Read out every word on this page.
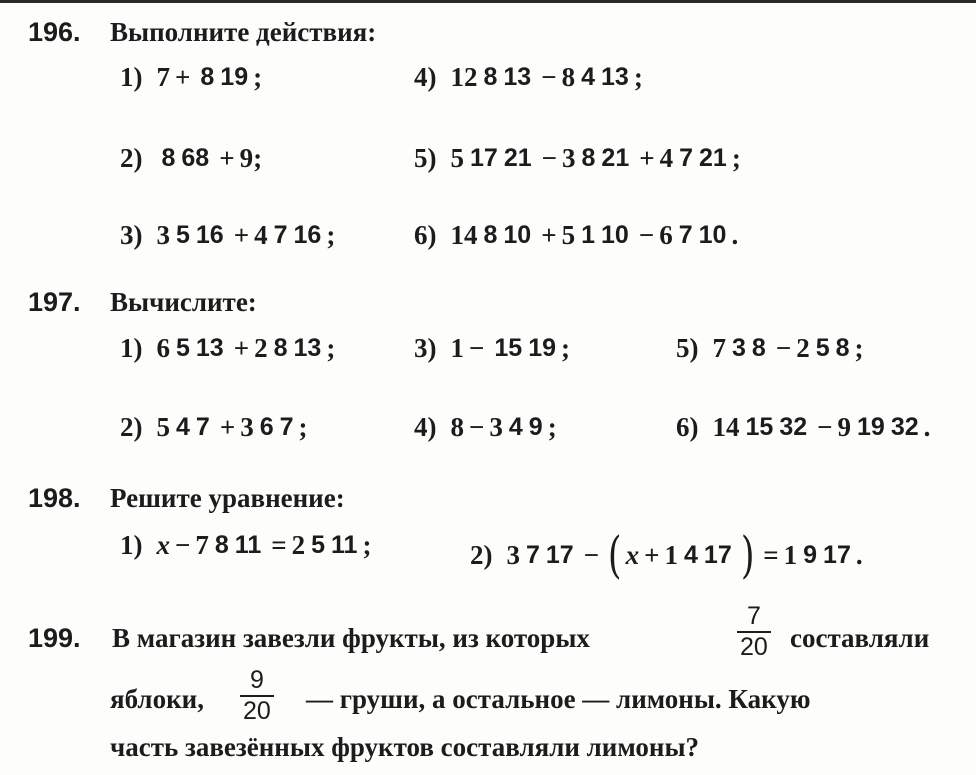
196. Выполните действия:
1) 7 + 8 19 ;
2) 8 68 + 9 ;
3) 3 5 16 + 4 7 16 ;
4) 12 8 13 − 8 4 13 ;
5) 5 17 21 − 3 8 21 + 4 7 21 ;
6) 14 8 10 + 5 1 10 − 6 7 10 .
197. Вычислите:
1) 6 5 13 + 2 8 13 ;
2) 5 4 7 + 3 6 7 ;
3) 1 − 15 19 ;
4) 8 − 3 4 9 ;
5) 7 3 8 − 2 5 8 ;
6) 14 15 32 − 9 19 32 .
198. Решите уравнение:
1) x − 7 8 11 = 2 5 11 ;	2) 3 7 17 − ( x + 1 4 17 ) = 1 9 17 .
199. В магазин завезли фрукты, из которых	$\frac{7}{20}$ составляли
яблоки, $\frac{9}{20}$ — груши, а остальное — лимоны. Какую
часть завезённых фруктов составляли лимоны?
